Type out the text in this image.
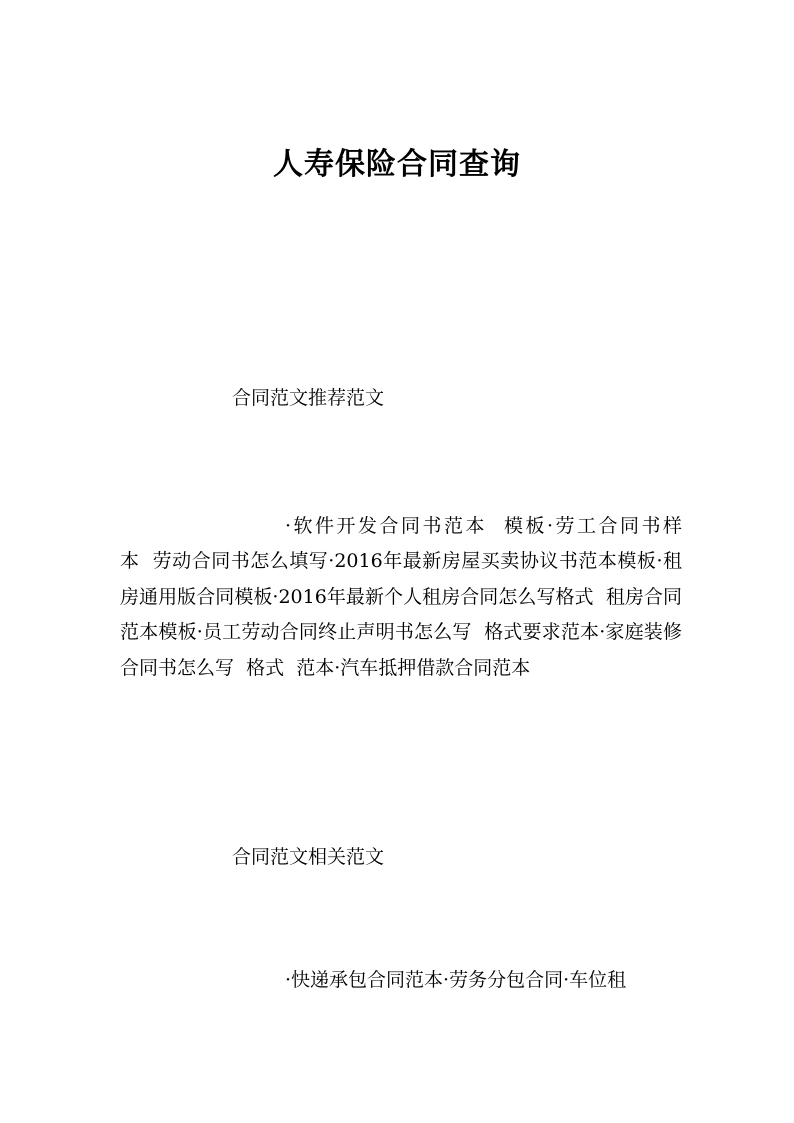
人寿保险合同查询
合同范文推荐范文
·软件开发合同书范本 模板·劳工合同书样本 劳动合同书怎么填写·2016年最新房屋买卖协议书范本模板·租房通用版合同模板·2016年最新个人租房合同怎么写格式 租房合同范本模板·员工劳动合同终止声明书怎么写 格式要求范本·家庭装修合同书怎么写 格式 范本·汽车抵押借款合同范本
合同范文相关范文
·快递承包合同范本·劳务分包合同·车位租
